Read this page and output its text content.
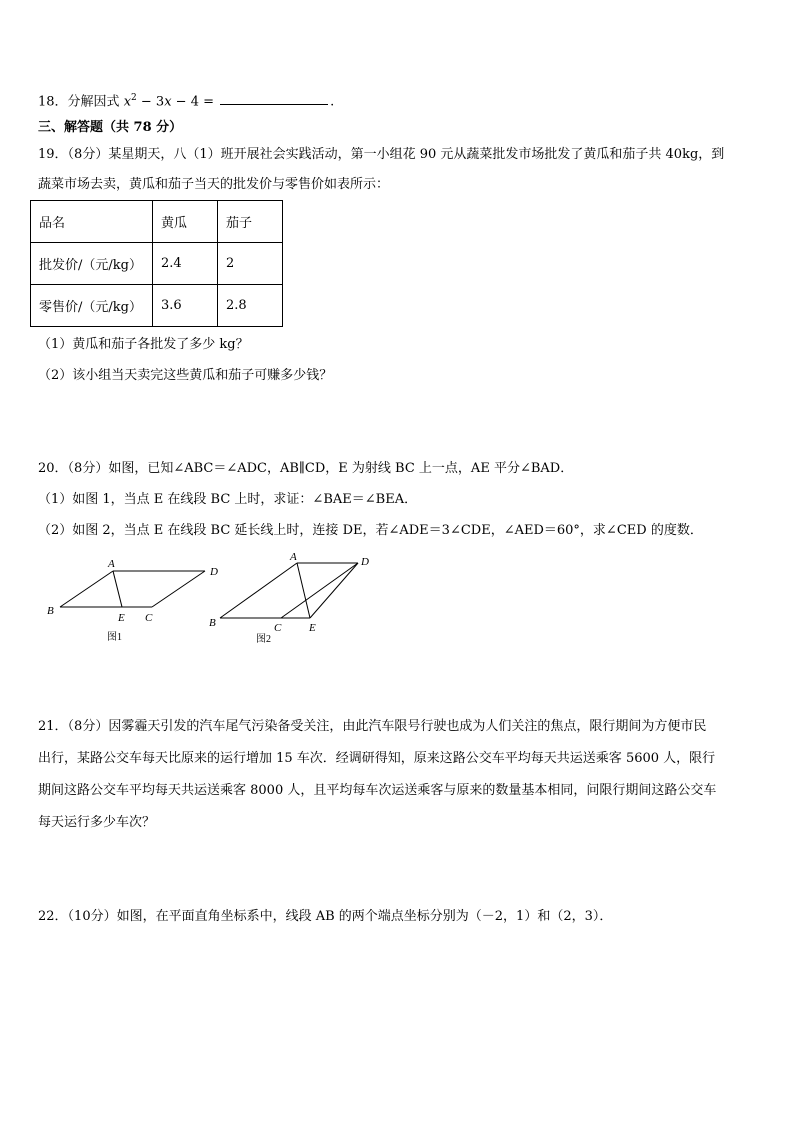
18．分解因式 $x^2 - 3x - 4$ =	.
三、解答题（共 78 分）
19．（8分）某星期天，八（1）班开展社会实践活动，第一小组花 90 元从蔬菜批发市场批发了黄瓜和茄子共 40kg，到
蔬菜市场去卖，黄瓜和茄子当天的批发价与零售价如表所示：
品名	黄瓜	茄子
批发价/（元/kg）	2.4	2
零售价/（元/kg）	3.6	2.8
（1）黄瓜和茄子各批发了多少 kg？
（2）该小组当天卖完这些黄瓜和茄子可赚多少钱？
20．（8分）如图，已知∠ABC＝∠ADC，AB∥CD，E 为射线 BC 上一点，AE 平分∠BAD．
（1）如图 1，当点 E 在线段 BC 上时，求证：∠BAE＝∠BEA．
（2）如图 2，当点 E 在线段 BC 延长线上时，连接 DE，若∠ADE＝3∠CDE，∠AED＝60°，求∠CED 的度数．
A
D
B
E C
图1
A	D
B	C	E
图2
21．（8分）因雾霾天引发的汽车尾气污染备受关注，由此汽车限号行驶也成为人们关注的焦点，限行期间为方便市民
出行，某路公交车每天比原来的运行增加 15 车次．经调研得知，原来这路公交车平均每天共运送乘客 5600 人，限行
期间这路公交车平均每天共运送乘客 8000 人，且平均每车次运送乘客与原来的数量基本相同，问限行期间这路公交车
每天运行多少车次？
22．（10分）如图，在平面直角坐标系中，线段 AB 的两个端点坐标分别为（－2，1）和（2，3）．
